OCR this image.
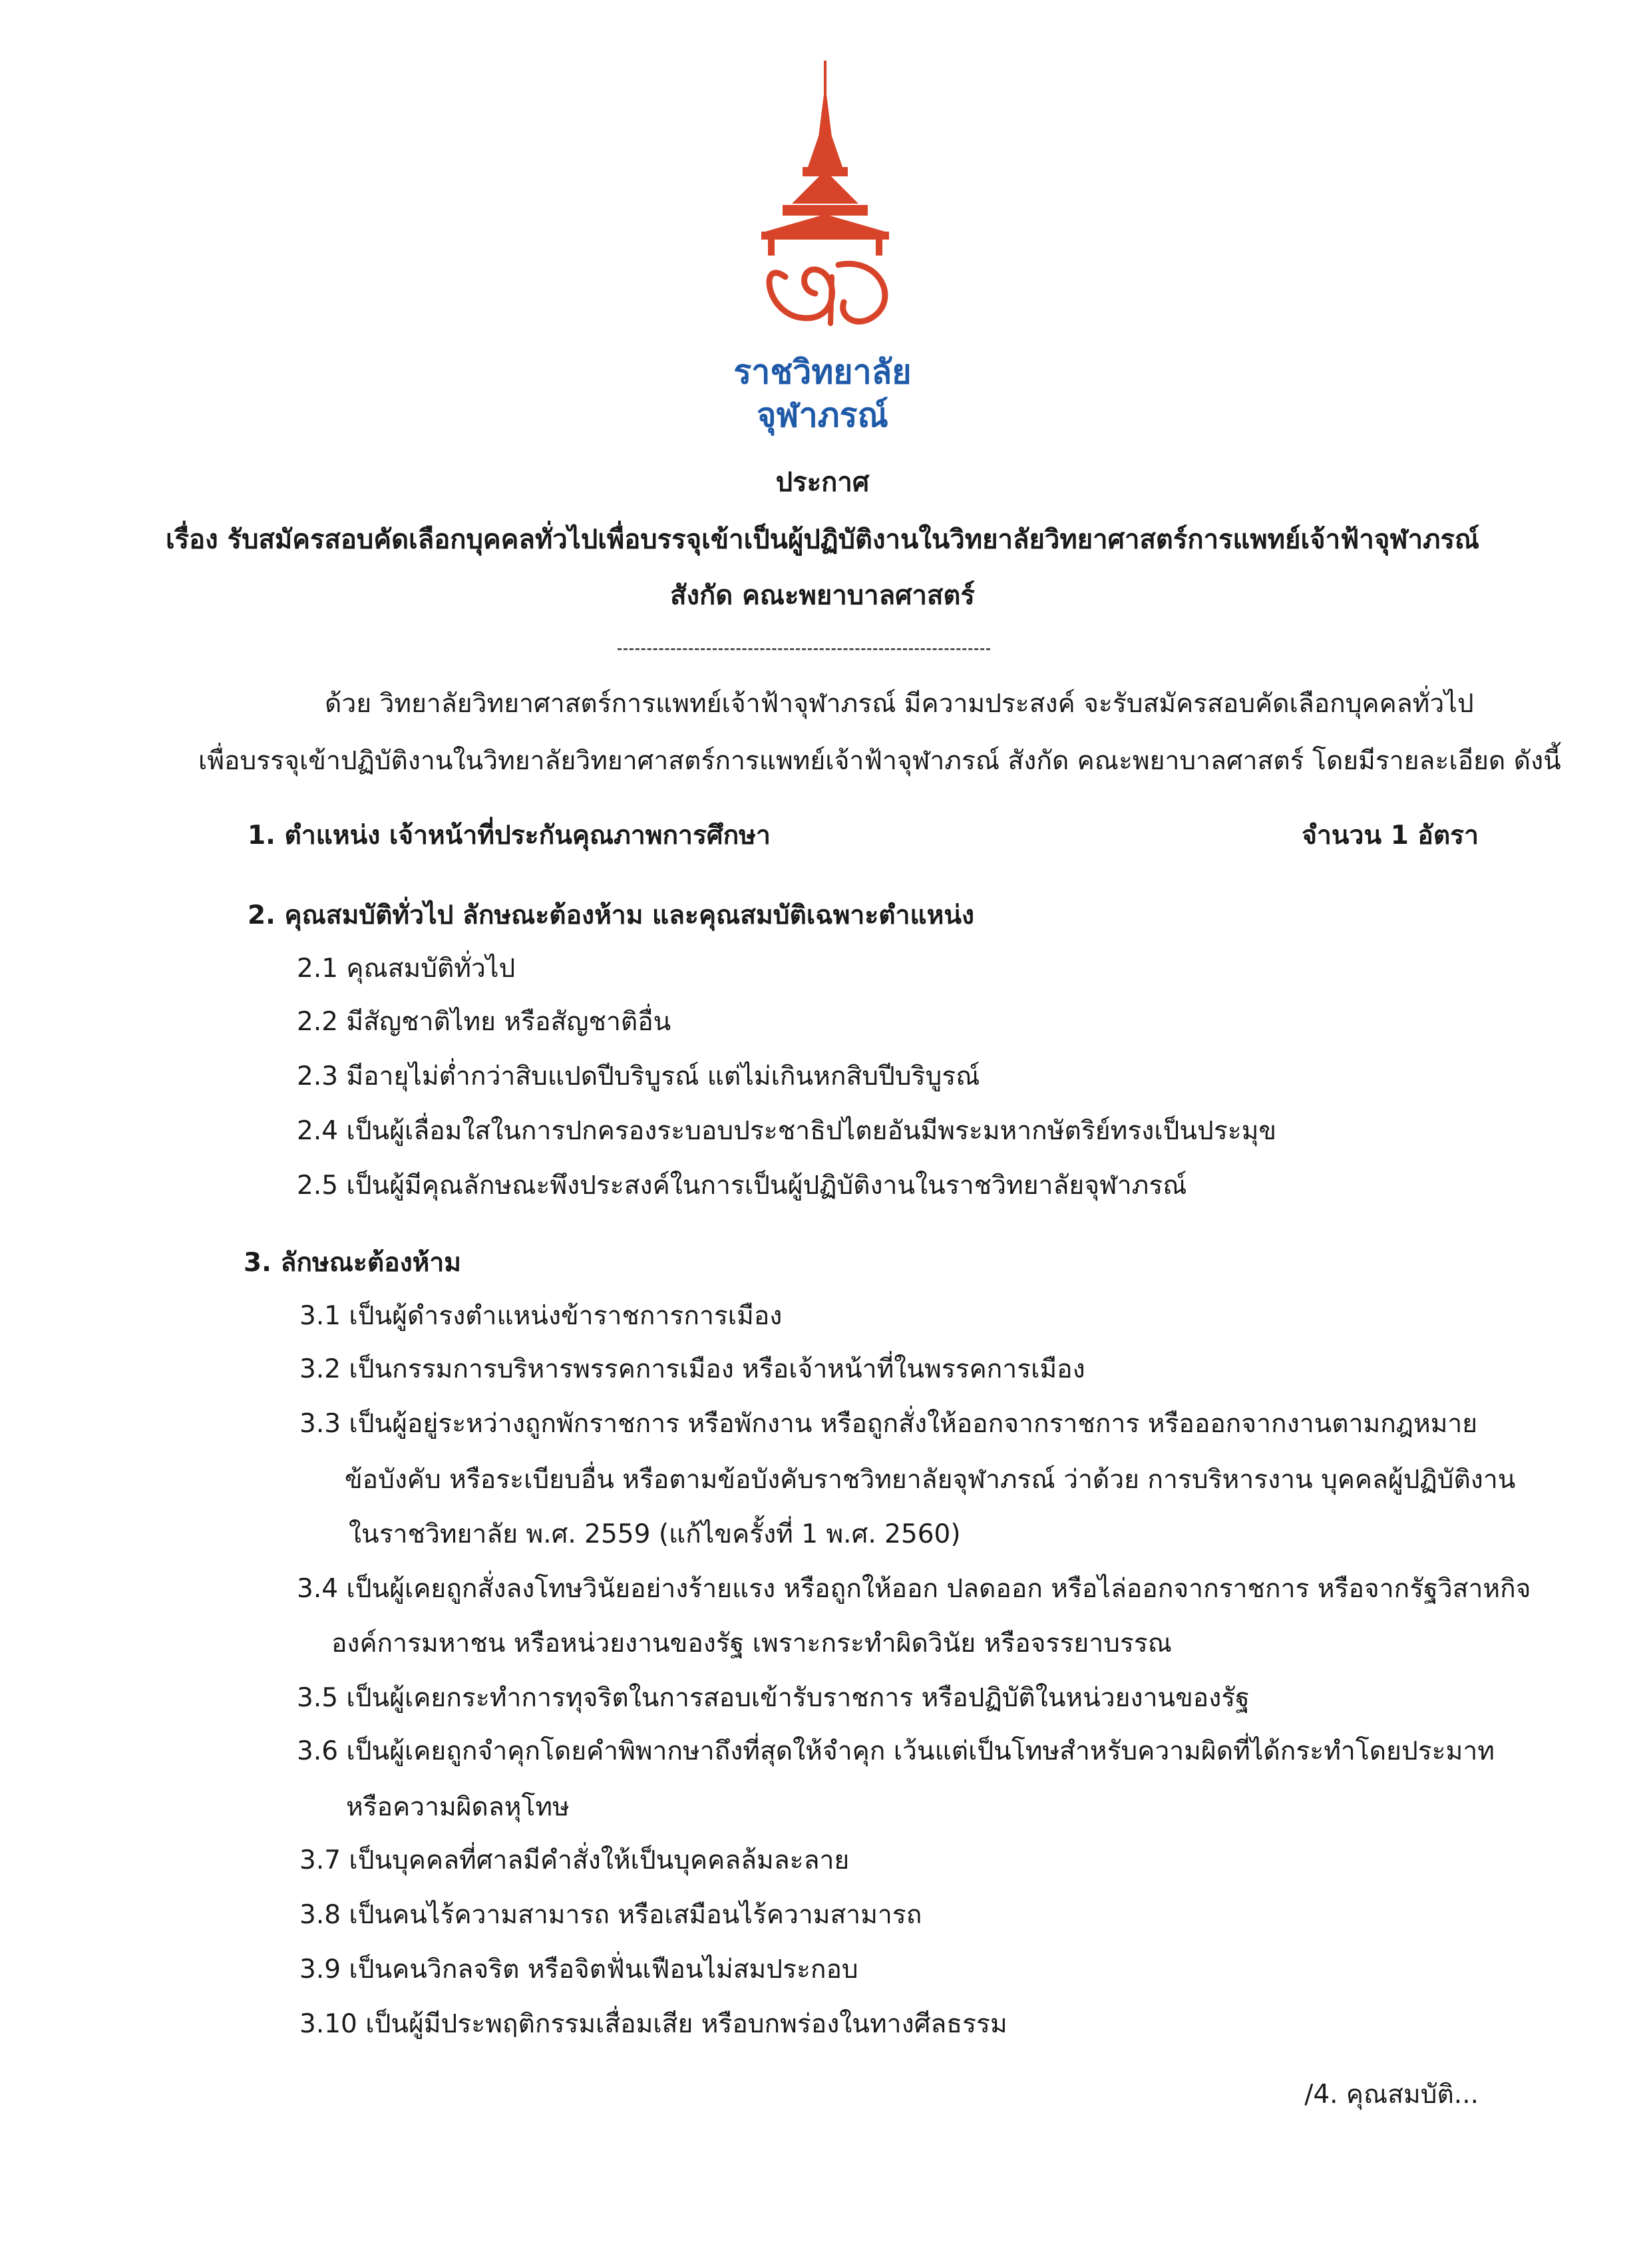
ราชวิทยาลัย
จุฬาภรณ์
ประกาศ
เรื่อง รับสมัครสอบคัดเลือกบุคคลทั่วไปเพื่อบรรจุเข้าเป็นผู้ปฏิบัติงานในวิทยาลัยวิทยาศาสตร์การแพทย์เจ้าฟ้าจุฬาภรณ์
สังกัด คณะพยาบาลศาสตร์
ด้วย วิทยาลัยวิทยาศาสตร์การแพทย์เจ้าฟ้าจุฬาภรณ์ มีความประสงค์ จะรับสมัครสอบคัดเลือกบุคคลทั่วไป
เพื่อบรรจุเข้าปฏิบัติงานในวิทยาลัยวิทยาศาสตร์การแพทย์เจ้าฟ้าจุฬาภรณ์ สังกัด คณะพยาบาลศาสตร์ โดยมีรายละเอียด ดังนี้
1. ตำแหน่ง เจ้าหน้าที่ประกันคุณภาพการศึกษา	จำนวน 1 อัตรา
2. คุณสมบัติทั่วไป ลักษณะต้องห้าม และคุณสมบัติเฉพาะตำแหน่ง
2.1 คุณสมบัติทั่วไป
2.2 มีสัญชาติไทย หรือสัญชาติอื่น
2.3 มีอายุไม่ต่ำกว่าสิบแปดปีบริบูรณ์ แต่ไม่เกินหกสิบปีบริบูรณ์
2.4 เป็นผู้เลื่อมใสในการปกครองระบอบประชาธิปไตยอันมีพระมหากษัตริย์ทรงเป็นประมุข
2.5 เป็นผู้มีคุณลักษณะพึงประสงค์ในการเป็นผู้ปฏิบัติงานในราชวิทยาลัยจุฬาภรณ์
3. ลักษณะต้องห้าม
3.1 เป็นผู้ดำรงตำแหน่งข้าราชการการเมือง
3.2 เป็นกรรมการบริหารพรรคการเมือง หรือเจ้าหน้าที่ในพรรคการเมือง
3.3 เป็นผู้อยู่ระหว่างถูกพักราชการ หรือพักงาน หรือถูกสั่งให้ออกจากราชการ หรือออกจากงานตามกฎหมาย
ข้อบังคับ หรือระเบียบอื่น หรือตามข้อบังคับราชวิทยาลัยจุฬาภรณ์ ว่าด้วย การบริหารงาน บุคคลผู้ปฏิบัติงาน
ในราชวิทยาลัย พ.ศ. 2559 (แก้ไขครั้งที่ 1 พ.ศ. 2560)
3.4 เป็นผู้เคยถูกสั่งลงโทษวินัยอย่างร้ายแรง หรือถูกให้ออก ปลดออก หรือไล่ออกจากราชการ หรือจากรัฐวิสาหกิจ
องค์การมหาชน หรือหน่วยงานของรัฐ เพราะกระทำผิดวินัย หรือจรรยาบรรณ
3.5 เป็นผู้เคยกระทำการทุจริตในการสอบเข้ารับราชการ หรือปฏิบัติในหน่วยงานของรัฐ
3.6 เป็นผู้เคยถูกจำคุกโดยคำพิพากษาถึงที่สุดให้จำคุก เว้นแต่เป็นโทษสำหรับความผิดที่ได้กระทำโดยประมาท
หรือความผิดลหุโทษ
3.7 เป็นบุคคลที่ศาลมีคำสั่งให้เป็นบุคคลล้มละลาย
3.8 เป็นคนไร้ความสามารถ หรือเสมือนไร้ความสามารถ
3.9 เป็นคนวิกลจริต หรือจิตฟั่นเฟือนไม่สมประกอบ
3.10 เป็นผู้มีประพฤติกรรมเสื่อมเสีย หรือบกพร่องในทางศีลธรรม
/4. คุณสมบัติ...
